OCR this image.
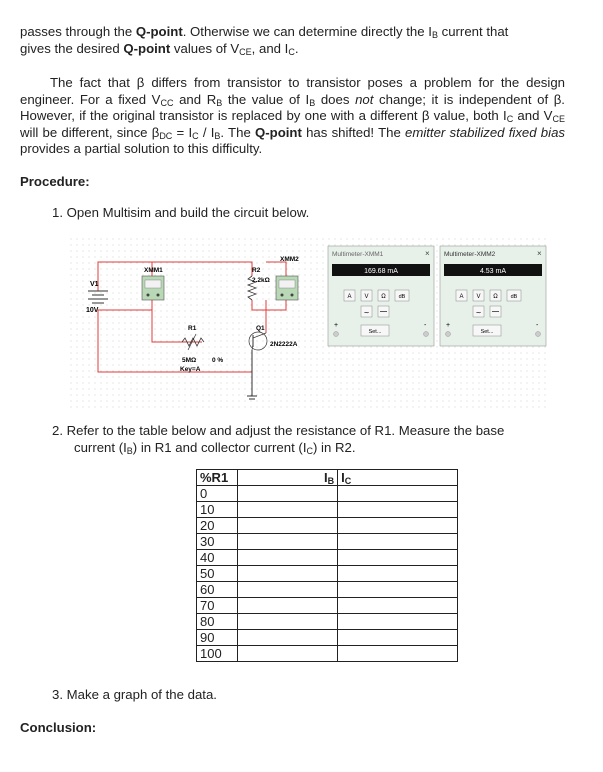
passes through the Q-point. Otherwise we can determine directly the $I_B$ current that
gives the desired Q-point values of $V_{CE}$, and $I_C$.
The fact that β differs from transistor to transistor poses a problem for the design engineer. For a fixed $V_{CC}$ and $R_B$ the value of $I_B$ does not change; it is independent of β. However, if the original transistor is replaced by one with a different β value, both $I_C$ and $V_{CE}$ will be different, since $\beta_{DC} = I_C / I_B$. The Q-point has shifted! The emitter stabilized fixed bias provides a partial solution to this difficulty.
Procedure:
1. Open Multisim and build the circuit below.
V1
10V
XMM1	R2
2.2kΩ
XMM2
R1
5MΩ 0 %
Key=A
Q1
2N2222A
Multimeter-XMM1	×
169.68 mA
A V Ω dB
~
+
Set...
-
Multimeter-XMM2	×
4.53 mA
A V Ω dB
~
+
Set...
-
2. Refer to the table below and adjust the resistance of R1. Measure the base
current $(I_B)$ in R1 and collector current $(I_C)$ in R2.
%R1	$I_B$	$I_C$
0		
10		
20		
30		
40		
50		
60		
70		
80		
90		
100		
3. Make a graph of the data.
Conclusion:
